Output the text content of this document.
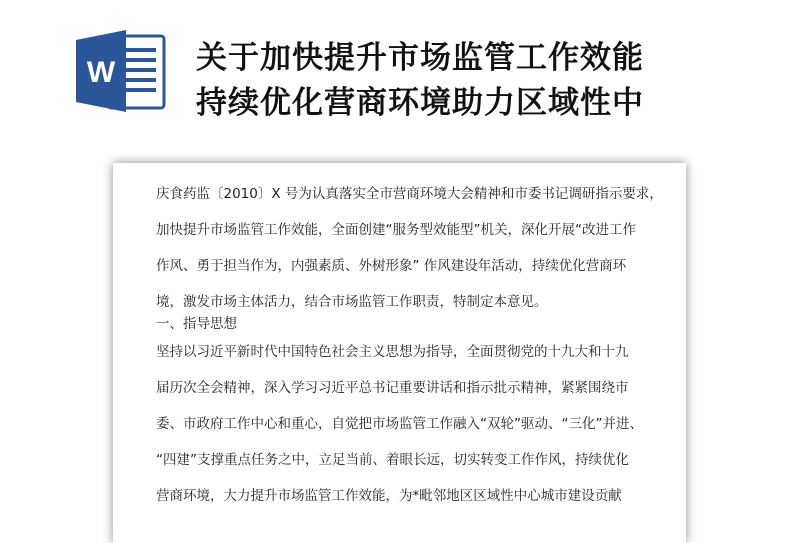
W	关于加快提升市场监管工作效能
持续优化营商环境助力区域性中
庆食药监〔2010〕X 号为认真落实全市营商环境大会精神和市委书记调研指示要求，
加快提升市场监管工作效能，全面创建“服务型效能型”机关，深化开展“改进工作
作风、勇于担当作为，内强素质、外树形象” 作风建设年活动，持续优化营商环
境，激发市场主体活力，结合市场监管工作职责，特制定本意见。
一、指导思想
坚持以习近平新时代中国特色社会主义思想为指导，全面贯彻党的十九大和十九
届历次全会精神，深入学习习近平总书记重要讲话和指示批示精神，紧紧围绕市
委、市政府工作中心和重心，自觉把市场监管工作融入“双轮”驱动、“三化”并进、
“四建”支撑重点任务之中，立足当前、着眼长远，切实转变工作作风，持续优化
营商环境，大力提升市场监管工作效能，为*毗邻地区区域性中心城市建设贡献
